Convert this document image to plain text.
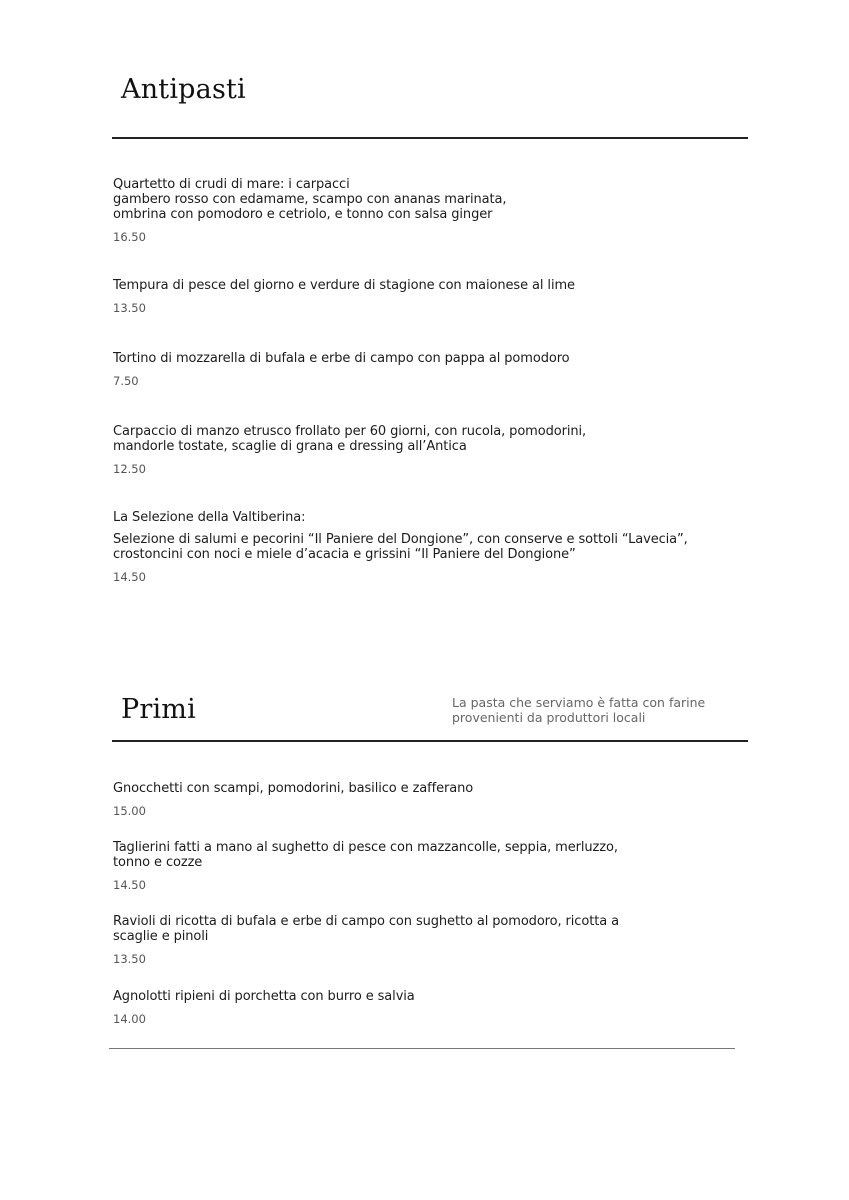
Antipasti

Quartetto di crudi di mare: i carpacci
gambero rosso con edamame, scampo con ananas marinata,
ombrina con pomodoro e cetriolo, e tonno con salsa ginger

16.50

Tempura di pesce del giorno e verdure di stagione con maionese al lime

13.50

Tortino di mozzarella di bufala e erbe di campo con pappa al pomodoro

7.50

Carpaccio di manzo etrusco frollato per 60 giorni, con rucola, pomodorini,
mandorle tostate, scaglie di grana e dressing all’Antica

12.50

La Selezione della Valtiberina:

Selezione di salumi e pecorini “Il Paniere del Dongione”, con conserve e sottoli “Lavecia”,
crostoncini con noci e miele d’acacia e grissini “Il Paniere del Dongione”

14.50
Primi	La pasta che serviamo è fatta con farine
provenienti da produttori locali

Gnocchetti con scampi, pomodorini, basilico e zafferano

15.00

Taglierini fatti a mano al sughetto di pesce con mazzancolle, seppia, merluzzo,
tonno e cozze

14.50

Ravioli di ricotta di bufala e erbe di campo con sughetto al pomodoro, ricotta a
scaglie e pinoli

13.50

Agnolotti ripieni di porchetta con burro e salvia

14.00
